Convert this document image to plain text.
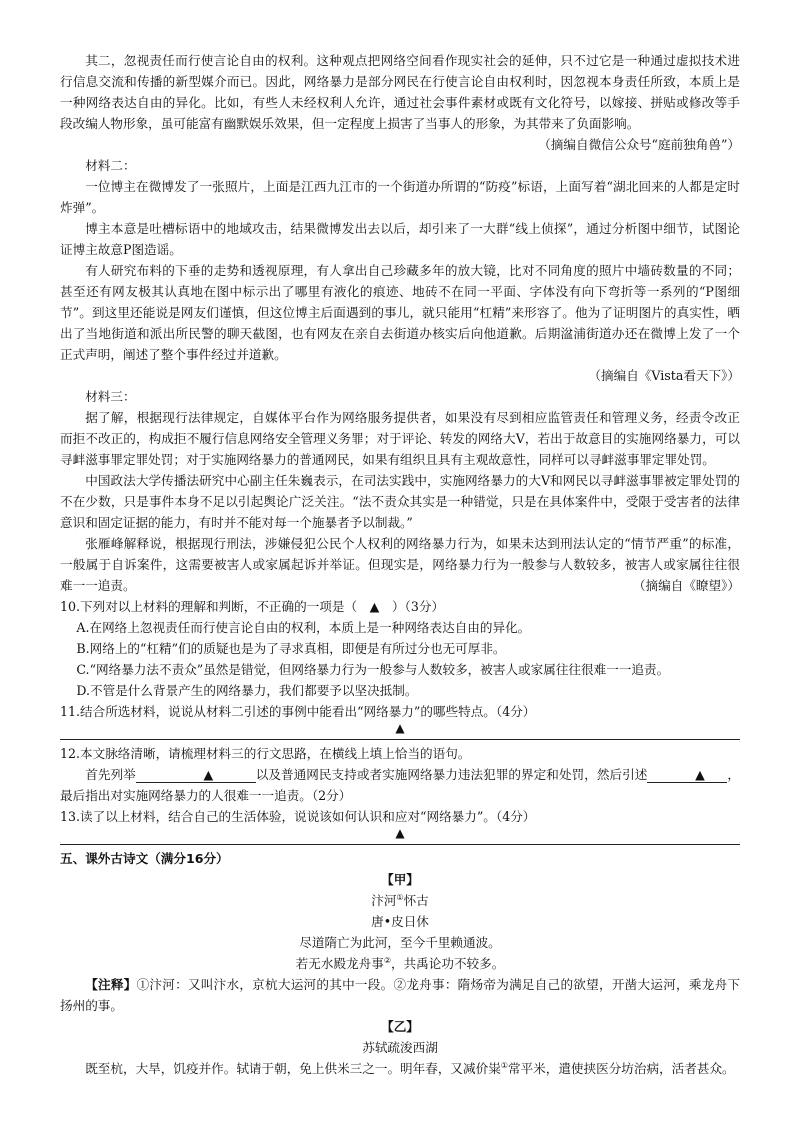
其二，忽视责任而行使言论自由的权利。这种观点把网络空间看作现实社会的延伸，只不过它是一种通过虚拟技术进行信息交流和传播的新型媒介而已。因此，网络暴力是部分网民在行使言论自由权利时，因忽视本身责任所致，本质上是一种网络表达自由的异化。比如，有些人未经权利人允许，通过社会事件素材或既有文化符号，以嫁接、拼贴或修改等手段改编人物形象，虽可能富有幽默娱乐效果，但一定程度上损害了当事人的形象，为其带来了负面影响。
（摘编自微信公众号“庭前独角兽”）

材料二：

一位博主在微博发了一张照片，上面是江西九江市的一个街道办所谓的“防疫”标语，上面写着“湖北回来的人都是定时炸弹”。

博主本意是吐槽标语中的地域攻击，结果微博发出去以后，却引来了一大群“线上侦探”，通过分析图中细节，试图论证博主故意P图造谣。

有人研究布料的下垂的走势和透视原理，有人拿出自己珍藏多年的放大镜，比对不同角度的照片中墙砖数量的不同；甚至还有网友极其认真地在图中标示出了哪里有液化的痕迹、地砖不在同一平面、字体没有向下弯折等一系列的“P图细节”。到这里还能说是网友们谨慎，但这位博主后面遇到的事儿，就只能用“杠精”来形容了。他为了证明图片的真实性，晒出了当地街道和派出所民警的聊天截图，也有网友在亲自去街道办核实后向他道歉。后期湓浦街道办还在微博上发了一个正式声明，阐述了整个事件经过并道歉。

（摘编自《Vista看天下》）

材料三：

据了解，根据现行法律规定，自媒体平台作为网络服务提供者，如果没有尽到相应监管责任和管理义务，经责令改正而拒不改正的，构成拒不履行信息网络安全管理义务罪；对于评论、转发的网络大V，若出于故意目的实施网络暴力，可以寻衅滋事罪定罪处罚；对于实施网络暴力的普通网民，如果有组织且具有主观故意性，同样可以寻衅滋事罪定罪处罚。

中国政法大学传播法研究中心副主任朱巍表示，在司法实践中，实施网络暴力的大V和网民以寻衅滋事罪被定罪处罚的不在少数，只是事件本身不足以引起舆论广泛关注。“法不责众其实是一种错觉，只是在具体案件中，受限于受害者的法律意识和固定证据的能力，有时并不能对每一个施暴者予以制裁。”

张雁峰解释说，根据现行刑法，涉嫌侵犯公民个人权利的网络暴力行为，如果未达到刑法认定的“情节严重”的标准，一般属于自诉案件，这需要被害人或家属起诉并举证。但现实是，网络暴力行为一般参与人数较多，被害人或家属往往很难一一追责。	（摘编自《瞭望》）

10.下列对以上材料的理解和判断，不正确的一项是（　▲　）（3分）

A.在网络上忽视责任而行使言论自由的权利，本质上是一种网络表达自由的异化。

B.网络上的“杠精”们的质疑也是为了寻求真相，即便是有所过分也无可厚非。

C.“网络暴力法不责众”虽然是错觉，但网络暴力行为一般参与人数较多，被害人或家属往往很难一一追责。

D.不管是什么背景产生的网络暴力，我们都要予以坚决抵制。

11.结合所选材料，说说从材料二引述的事例中能看出“网络暴力”的哪些特点。（4分）

▲

12.本文脉络清晰，请梳理材料三的行文思路，在横线上填上恰当的语句。

首先列举	▲	以及普通网民支持或者实施网络暴力违法犯罪的界定和处罚，然后引述	▲ ，最后指出对实施网络暴力的人很难一一追责。（2分）

13.读了以上材料，结合自己的生活体验，说说该如何认识和应对“网络暴力”。（4分）

▲

五、课外古诗文（满分16分）

【甲】

汴河①怀古

唐•皮日休

尽道隋亡为此河，至今千里赖通波。

若无水殿龙舟事②，共禹论功不较多。

【注释】①汴河：又叫汴水，京杭大运河的其中一段。②龙舟事：隋炀帝为满足自己的欲望，开凿大运河，乘龙舟下扬州的事。

【乙】

苏轼疏浚西湖

既至杭，大旱，饥疫并作。轼请于朝，免上供米三之一。明年春，又减价粜①常平米，遣使挟医分坊治病，活者甚众。
